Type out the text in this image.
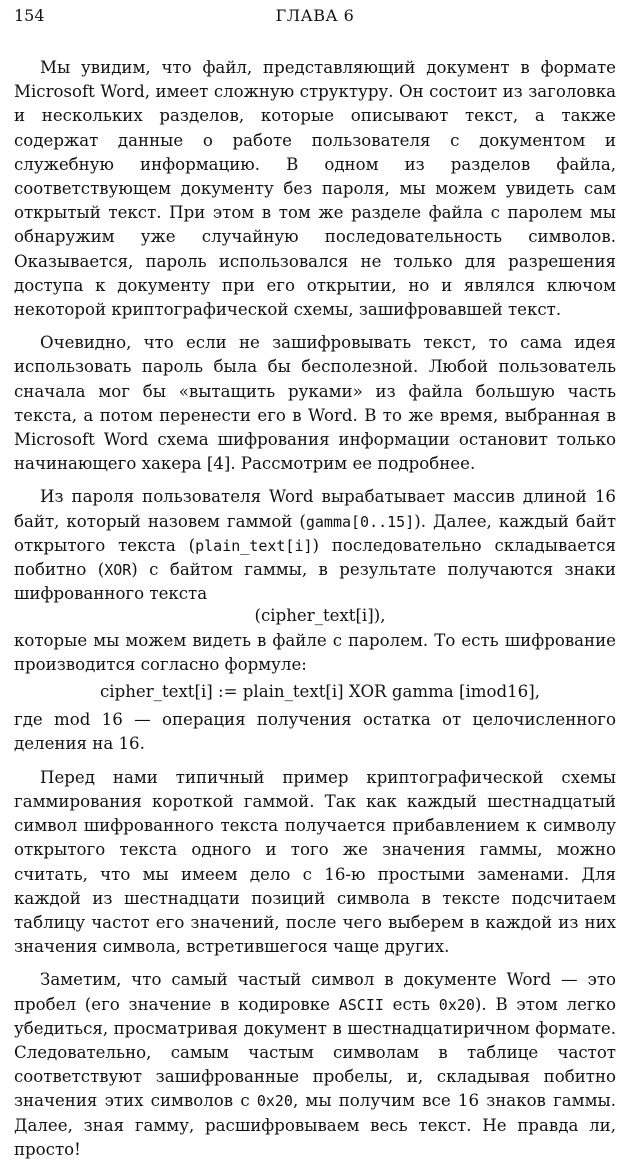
154	ГЛАВА 6

Мы увидим, что файл, представляющий документ в формате Microsoft Word, имеет сложную структуру. Он состоит из заголовка и нескольких разделов, которые описывают текст, а также содержат данные о работе пользователя с документом и служебную информацию. В одном из разделов файла, соответствующем документу без пароля, мы можем увидеть сам открытый текст. При этом в том же разделе файла с паролем мы обнаружим уже случайную последовательность символов. Оказывается, пароль использовался не только для разрешения доступа к документу при его открытии, но и являлся ключом некоторой криптографической схемы, зашифровавшей текст.

Очевидно, что если не зашифровывать текст, то сама идея использовать пароль была бы бесполезной. Любой пользователь сначала мог бы «вытащить руками» из файла большую часть текста, а потом перенести его в Word. В то же время, выбранная в Microsoft Word схема шифрования информации остановит только начинающего хакера [4]. Рассмотрим ее подробнее.

Из пароля пользователя Word вырабатывает массив длиной 16 байт, который назовем гаммой (gamma[0..15]). Далее, каждый байт открытого текста (plain_text[i]) последовательно складывается побитно (XOR) с байтом гаммы, в результате получаются знаки шифрованного текста

(cipher_text[i]),

которые мы можем видеть в файле с паролем. То есть шифрование производится согласно формуле:

cipher_text[i] := plain_text[i] XOR gamma [imod16],

где mod 16 — операция получения остатка от целочисленного деления на 16.

Перед нами типичный пример криптографической схемы гаммирования короткой гаммой. Так как каждый шестнадцатый символ шифрованного текста получается прибавлением к символу открытого текста одного и того же значения гаммы, можно считать, что мы имеем дело с 16-ю простыми заменами. Для каждой из шестнадцати позиций символа в тексте подсчитаем таблицу частот его значений, после чего выберем в каждой из них значения символа, встретившегося чаще других.

Заметим, что самый частый символ в документе Word — это пробел (его значение в кодировке ASCII есть 0x20). В этом легко убедиться, просматривая документ в шестнадцатиричном формате. Следовательно, самым частым символам в таблице частот соответствуют зашифрованные пробелы, и, складывая побитно значения этих символов с 0x20, мы получим все 16 знаков гаммы. Далее, зная гамму, расшифровываем весь текст. Не правда ли, просто!
